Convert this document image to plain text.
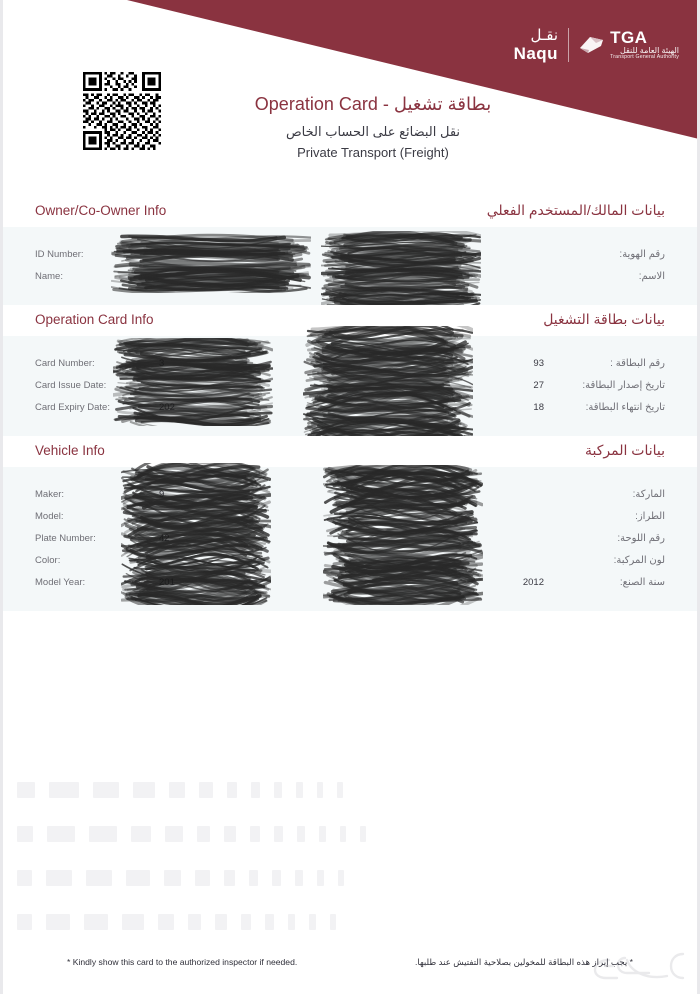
نقـل
Naqu
TGA
الهيئة العامة للنقل
Transport General Authority
بطاقة تشغيل - Operation Card
نقل البضائع على الحساب الخاص
Private Transport (Freight)
Owner/Co-Owner Info	بيانات المالك/المستخدم الفعلي
ID Number:	رقم الهوية:
Name:	الاسم:
Operation Card Info	بيانات بطاقة التشغيل
Card Number:	3	93	رقم البطاقة :
Card Issue Date:	27	تاريخ إصدار البطاقة:
Card Expiry Date:	202	18	تاريخ انتهاء البطاقة:
Vehicle Info	بيانات المركبة
Maker:	9	الماركة:
Model:	الطراز:
Plate Number:	42	رقم اللوحة:
Color:	لون المركبة:
Model Year:	201	2012	سنة الصنع:
* Kindly show this card to the authorized inspector if needed.	* يجب إبراز هذه البطاقة للمخولين بصلاحية التفتيش عند طلبها.
